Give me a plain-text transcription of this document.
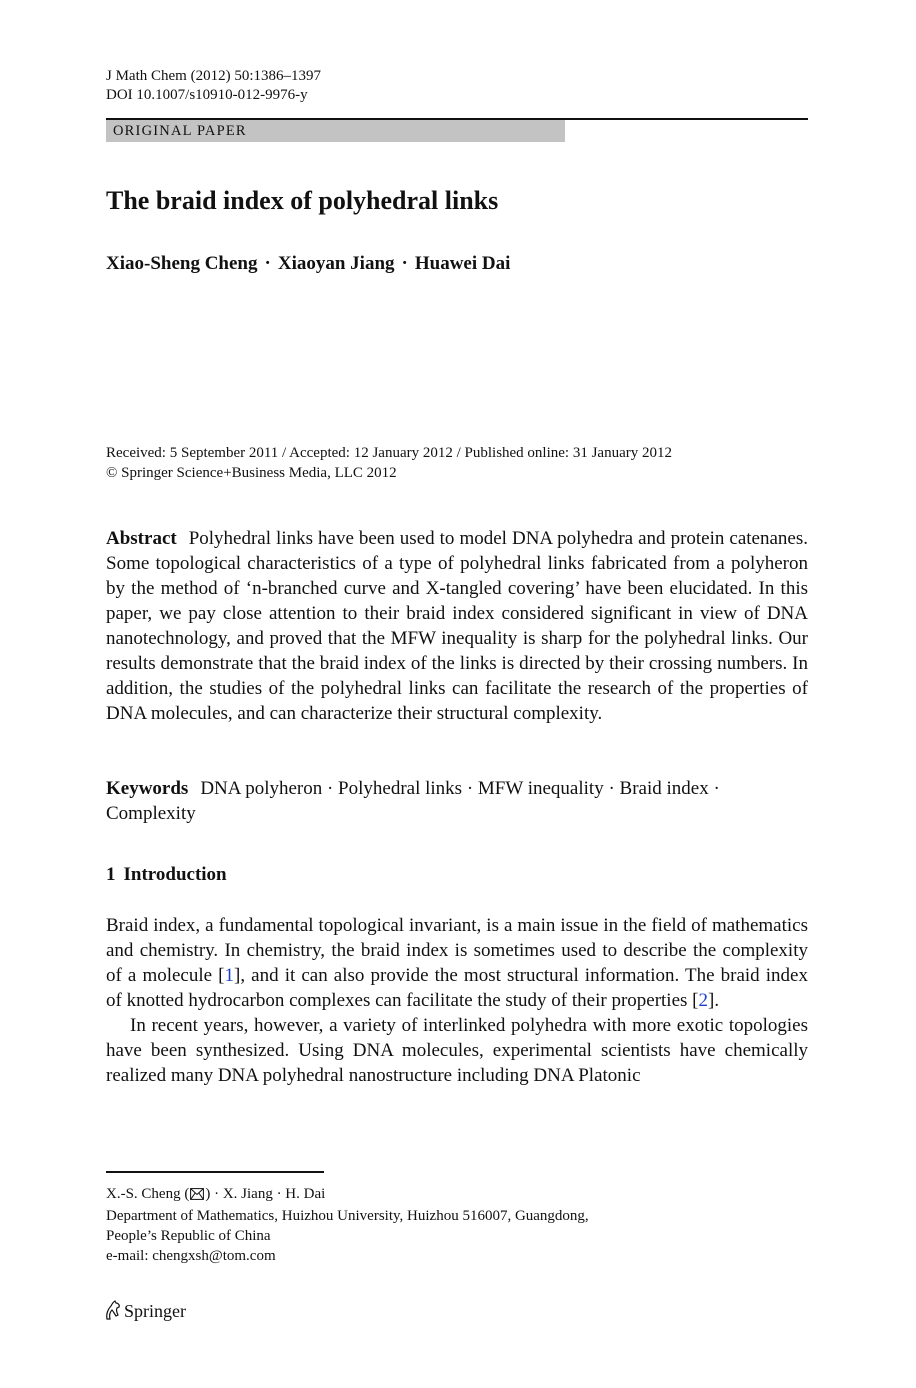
J Math Chem (2012) 50:1386–1397
DOI 10.1007/s10910-012-9976-y
ORIGINAL PAPER
The braid index of polyhedral links
Xiao-Sheng Cheng · Xiaoyan Jiang · Huawei Dai
Received: 5 September 2011 / Accepted: 12 January 2012 / Published online: 31 January 2012
© Springer Science+Business Media, LLC 2012
Abstract Polyhedral links have been used to model DNA polyhedra and protein catenanes. Some topological characteristics of a type of polyhedral links fabricated from a polyheron by the method of ‘n-branched curve and X-tangled covering’ have been elucidated. In this paper, we pay close attention to their braid index considered significant in view of DNA nanotechnology, and proved that the MFW inequality is sharp for the polyhedral links. Our results demonstrate that the braid index of the links is directed by their crossing numbers. In addition, the studies of the polyhedral links can facilitate the research of the properties of DNA molecules, and can characterize their structural complexity.
Keywords DNA polyheron · Polyhedral links · MFW inequality · Braid index · Complexity
1 Introduction

Braid index, a fundamental topological invariant, is a main issue in the field of mathematics and chemistry. In chemistry, the braid index is sometimes used to describe the complexity of a molecule [1], and it can also provide the most structural information. The braid index of knotted hydrocarbon complexes can facilitate the study of their properties [2].

In recent years, however, a variety of interlinked polyhedra with more exotic topologies have been synthesized. Using DNA molecules, experimental scientists have chemically realized many DNA polyhedral nanostructure including DNA Platonic

X.-S. Cheng ( ) · X. Jiang · H. Dai
Department of Mathematics, Huizhou University, Huizhou 516007, Guangdong,
People’s Republic of China
e-mail: chengxsh@tom.com
Springer
